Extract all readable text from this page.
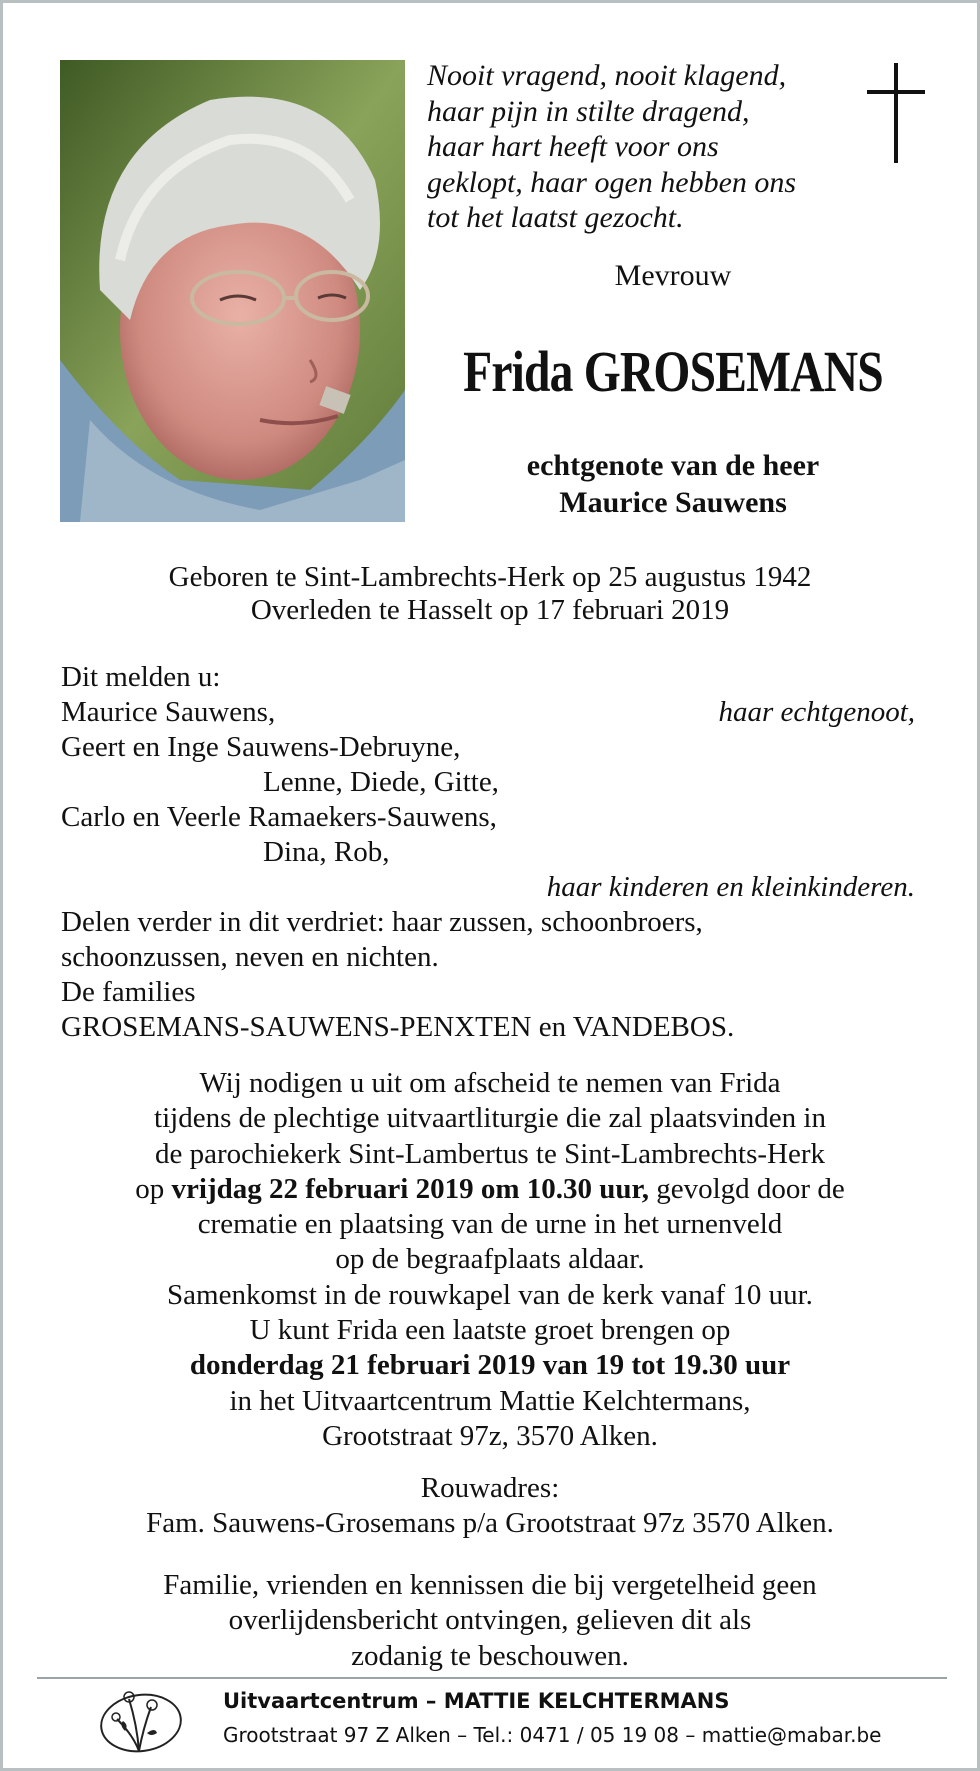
Nooit vragend, nooit klagend,
haar pijn in stilte dragend,
haar hart heeft voor ons
geklopt, haar ogen hebben ons
tot het laatst gezocht.
Mevrouw
Frida GROSEMANS
echtgenote van de heer
Maurice Sauwens
Geboren te Sint-Lambrechts-Herk op 25 augustus 1942
Overleden te Hasselt op 17 februari 2019
Dit melden u:
Maurice Sauwens,	haar echtgenoot,
Geert en Inge Sauwens-Debruyne,
Lenne, Diede, Gitte,
Carlo en Veerle Ramaekers-Sauwens,
Dina, Rob,
haar kinderen en kleinkinderen.
Delen verder in dit verdriet: haar zussen, schoonbroers,
schoonzussen, neven en nichten.
De families
GROSEMANS-SAUWENS-PENXTEN en VANDEBOS.
Wij nodigen u uit om afscheid te nemen van Frida
tijdens de plechtige uitvaartliturgie die zal plaatsvinden in
de parochiekerk Sint-Lambertus te Sint-Lambrechts-Herk
op vrijdag 22 februari 2019 om 10.30 uur, gevolgd door de
crematie en plaatsing van de urne in het urnenveld
op de begraafplaats aldaar.
Samenkomst in de rouwkapel van de kerk vanaf 10 uur.
U kunt Frida een laatste groet brengen op
donderdag 21 februari 2019 van 19 tot 19.30 uur
in het Uitvaartcentrum Mattie Kelchtermans,
Grootstraat 97z, 3570 Alken.
Rouwadres:
Fam. Sauwens-Grosemans p/a Grootstraat 97z 3570 Alken.
Familie, vrienden en kennissen die bij vergetelheid geen
overlijdensbericht ontvingen, gelieven dit als
zodanig te beschouwen.
Uitvaartcentrum – MATTIE KELCHTERMANS
Grootstraat 97 Z Alken – Tel.: 0471 / 05 19 08 – mattie@mabar.be
